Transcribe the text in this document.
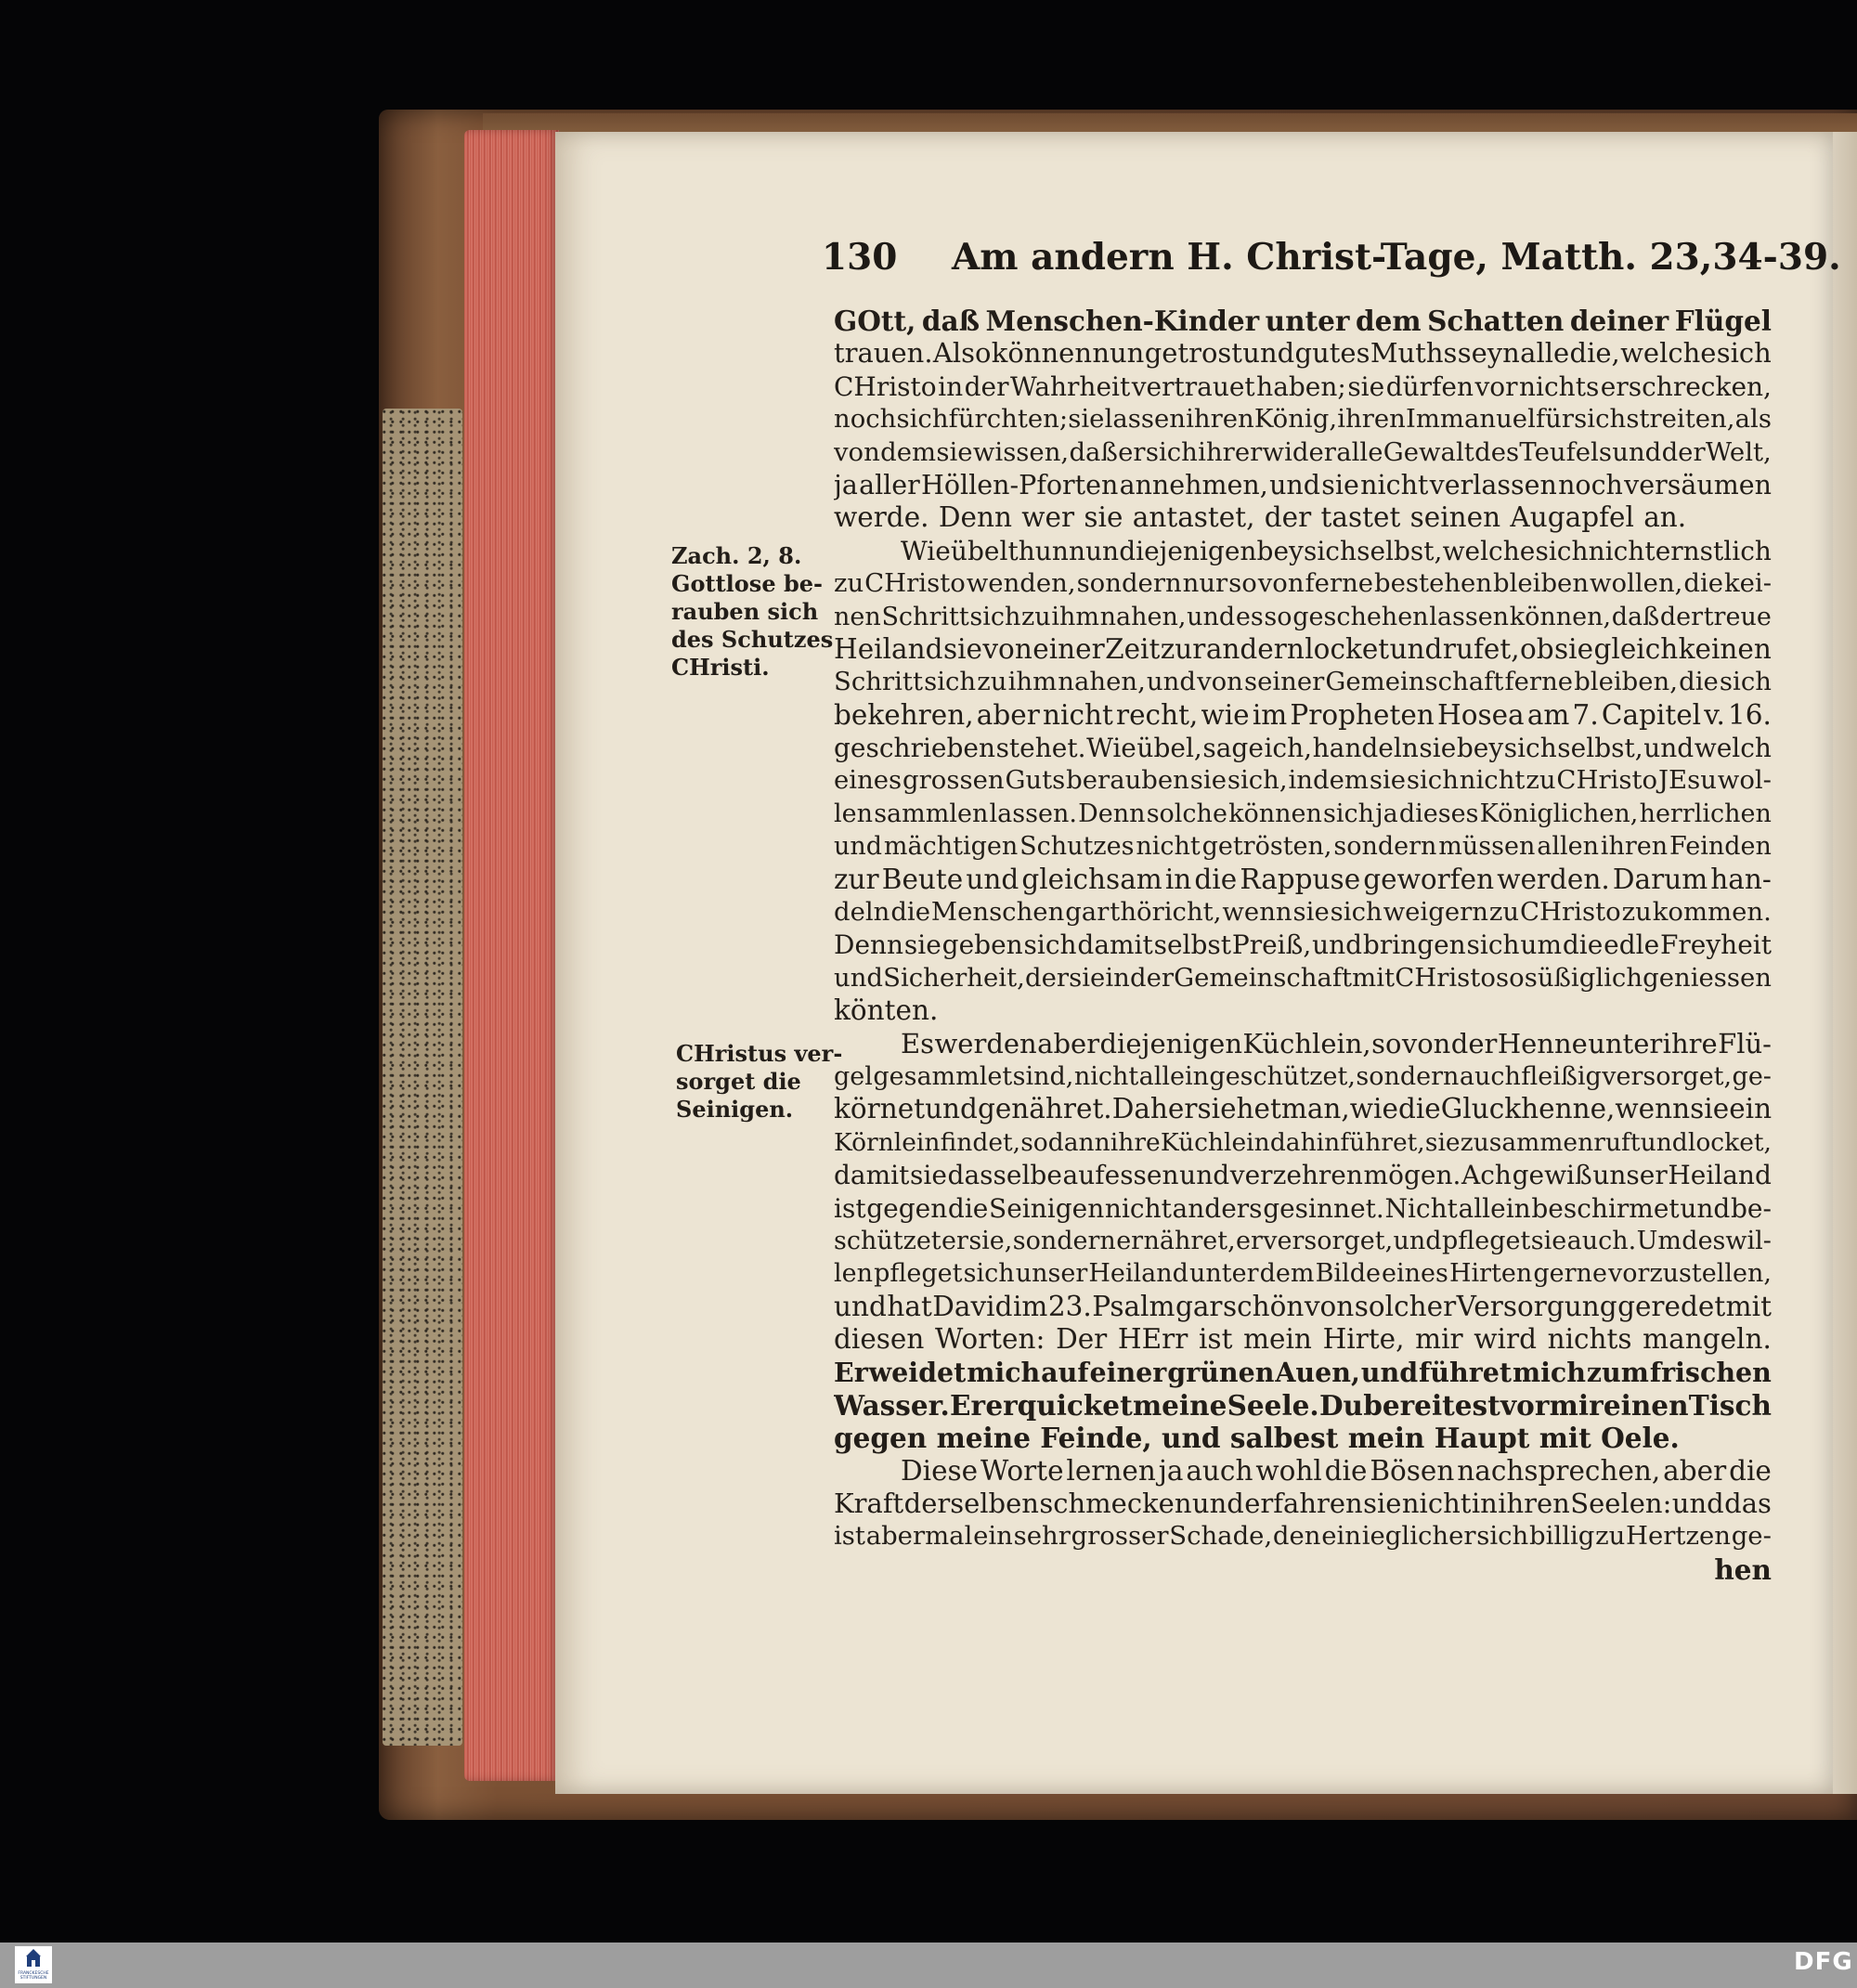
130 Am andern H. Christ-Tage, Matth. 23,34-39.
Zach. 2, 8.
Gottlose be-
rauben sich
des Schutzes
CHristi.
CHristus ver-
sorget die
Seinigen.
GOtt, daß Menschen-Kinder unter dem Schatten deiner Flügel
trauen. Also können nun getrost und gutes Muths seyn alle die, welche sich
CHristo in der Wahrheit vertrauet haben; sie dürfen vor nichts erschrecken,
noch sich fürchten; sie lassen ihren König, ihren Immanuel für sich streiten, als
von dem sie wissen, daß er sich ihrer wider alle Gewalt des Teufels und der Welt,
ja aller Höllen-Pforten annehmen, und sie nicht verlassen noch versäumen
werde. Denn wer sie antastet, der tastet seinen Augapfel an.
Wie übel thun nun diejenigen bey sich selbst, welche sich nicht ernstlich
zu CHristo wenden, sondern nur so von ferne bestehen bleiben wollen, die kei-
nen Schritt sich zu ihm nahen, und es so geschehen lassen können, daß der treue
Heiland sie von einer Zeit zur andern locket und rufet, ob sie gleich keinen
Schritt sich zu ihm nahen, und von seiner Gemeinschaft ferne bleiben, die sich
bekehren, aber nicht recht, wie im Propheten Hosea am 7. Capitel v. 16.
geschrieben stehet. Wie übel, sage ich, handeln sie bey sich selbst, und welch
eines grossen Guts berauben sie sich, indem sie sich nicht zu CHristo JEsu wol-
len sammlen lassen. Denn solche können sich ja dieses Königlichen, herrlichen
und mächtigen Schutzes nicht getrösten, sondern müssen allen ihren Feinden
zur Beute und gleichsam in die Rappuse geworfen werden. Darum han-
deln die Menschen gar thöricht, wenn sie sich weigern zu CHristo zu kommen.
Denn sie geben sich damit selbst Preiß, und bringen sich um die edle Freyheit
und Sicherheit, der sie in der Gemeinschaft mit CHristo so süßiglich geniessen
könten.
Es werden aber diejenigen Küchlein, so von der Henne unter ihre Flü-
gel gesammlet sind, nicht allein geschützet, sondern auch fleißig versorget, ge-
körnet und genähret. Daher siehet man, wie die Gluckhenne, wenn sie ein
Körnlein findet, sodann ihre Küchlein dahin führet, sie zusammen ruft und locket,
damit sie dasselbe aufessen und verzehren mögen. Ach gewiß unser Heiland
ist gegen die Seinigen nicht anders gesinnet. Nicht allein beschirmet und be-
schützet er sie, sondern er nähret, er versorget, und pfleget sie auch. Um deswil-
len pfleget sich unser Heiland unter dem Bilde eines Hirten gerne vorzustellen,
und hat David im 23. Psalm gar schön von solcher Versorgung geredet mit
diesen Worten: Der HErr ist mein Hirte, mir wird nichts mangeln.
Er weidet mich auf einer grünen Auen, und führet mich zum frischen
Wasser. Er erquicket meine Seele. Du bereitest vor mir einen Tisch
gegen meine Feinde, und salbest mein Haupt mit Oele.
Diese Worte lernen ja auch wohl die Bösen nachsprechen, aber die
Kraft derselben schmecken und erfahren sie nicht in ihren Seelen: und das
ist abermal ein sehr grosser Schade, den ein ieglicher sich billig zu Hertzen ge-
hen
FRANCKESCHE STIFTUNGEN
DFG
